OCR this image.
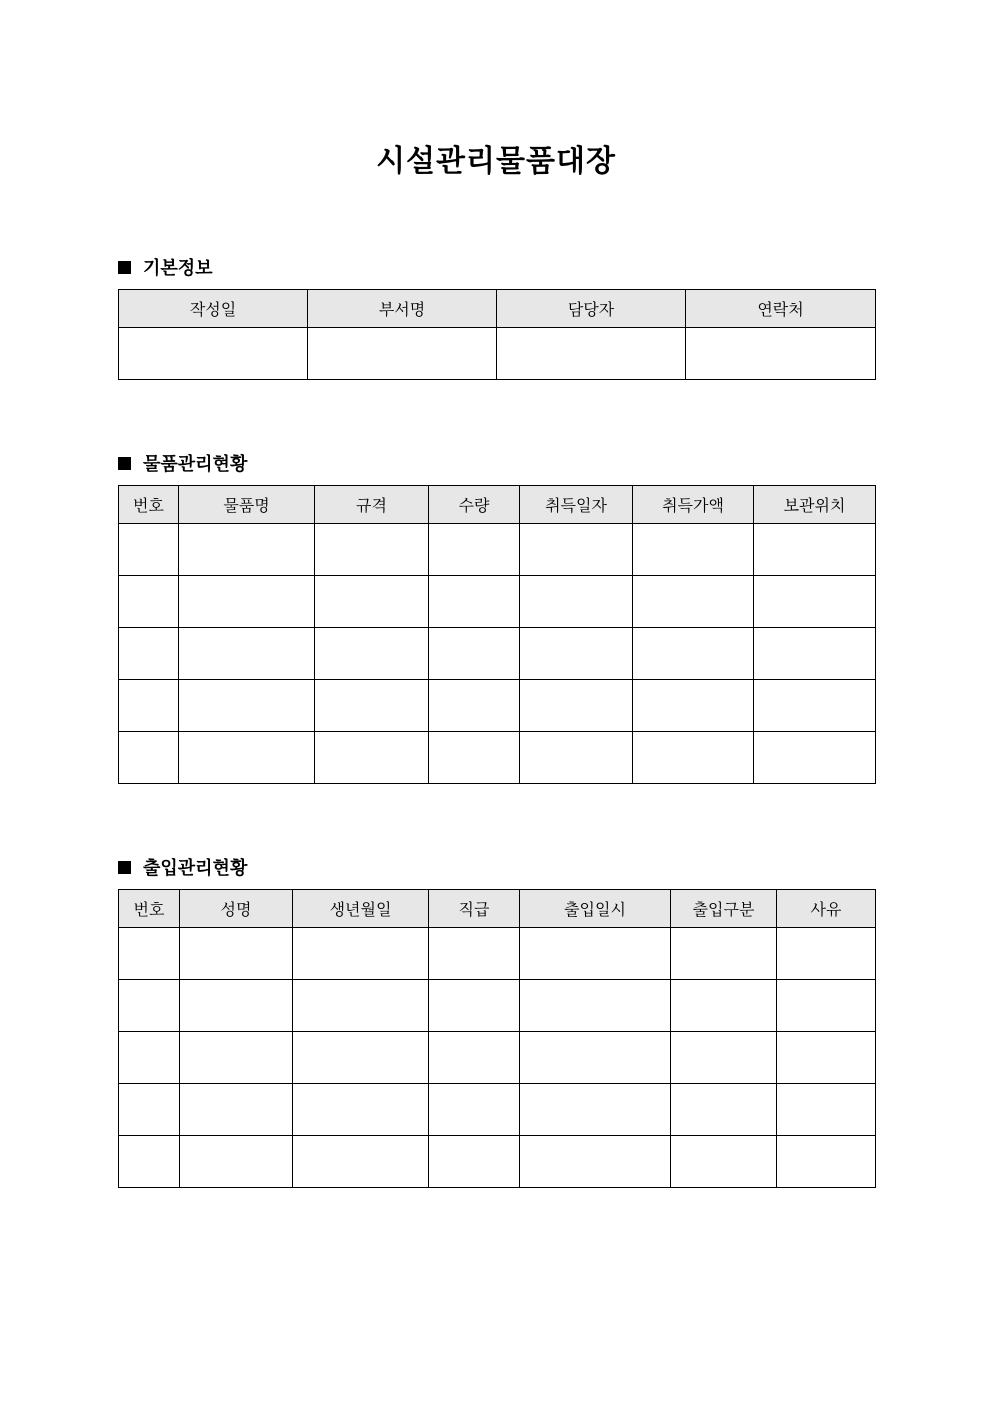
시설관리물품대장
기본정보
작성일	부서명	담당자	연락처

물품관리현황
번호	물품명	규격	수량	취득일자	취득가액	보관위치

출입관리현황
번호	성명	생년월일	직급	출입일시	출입구분	사유
